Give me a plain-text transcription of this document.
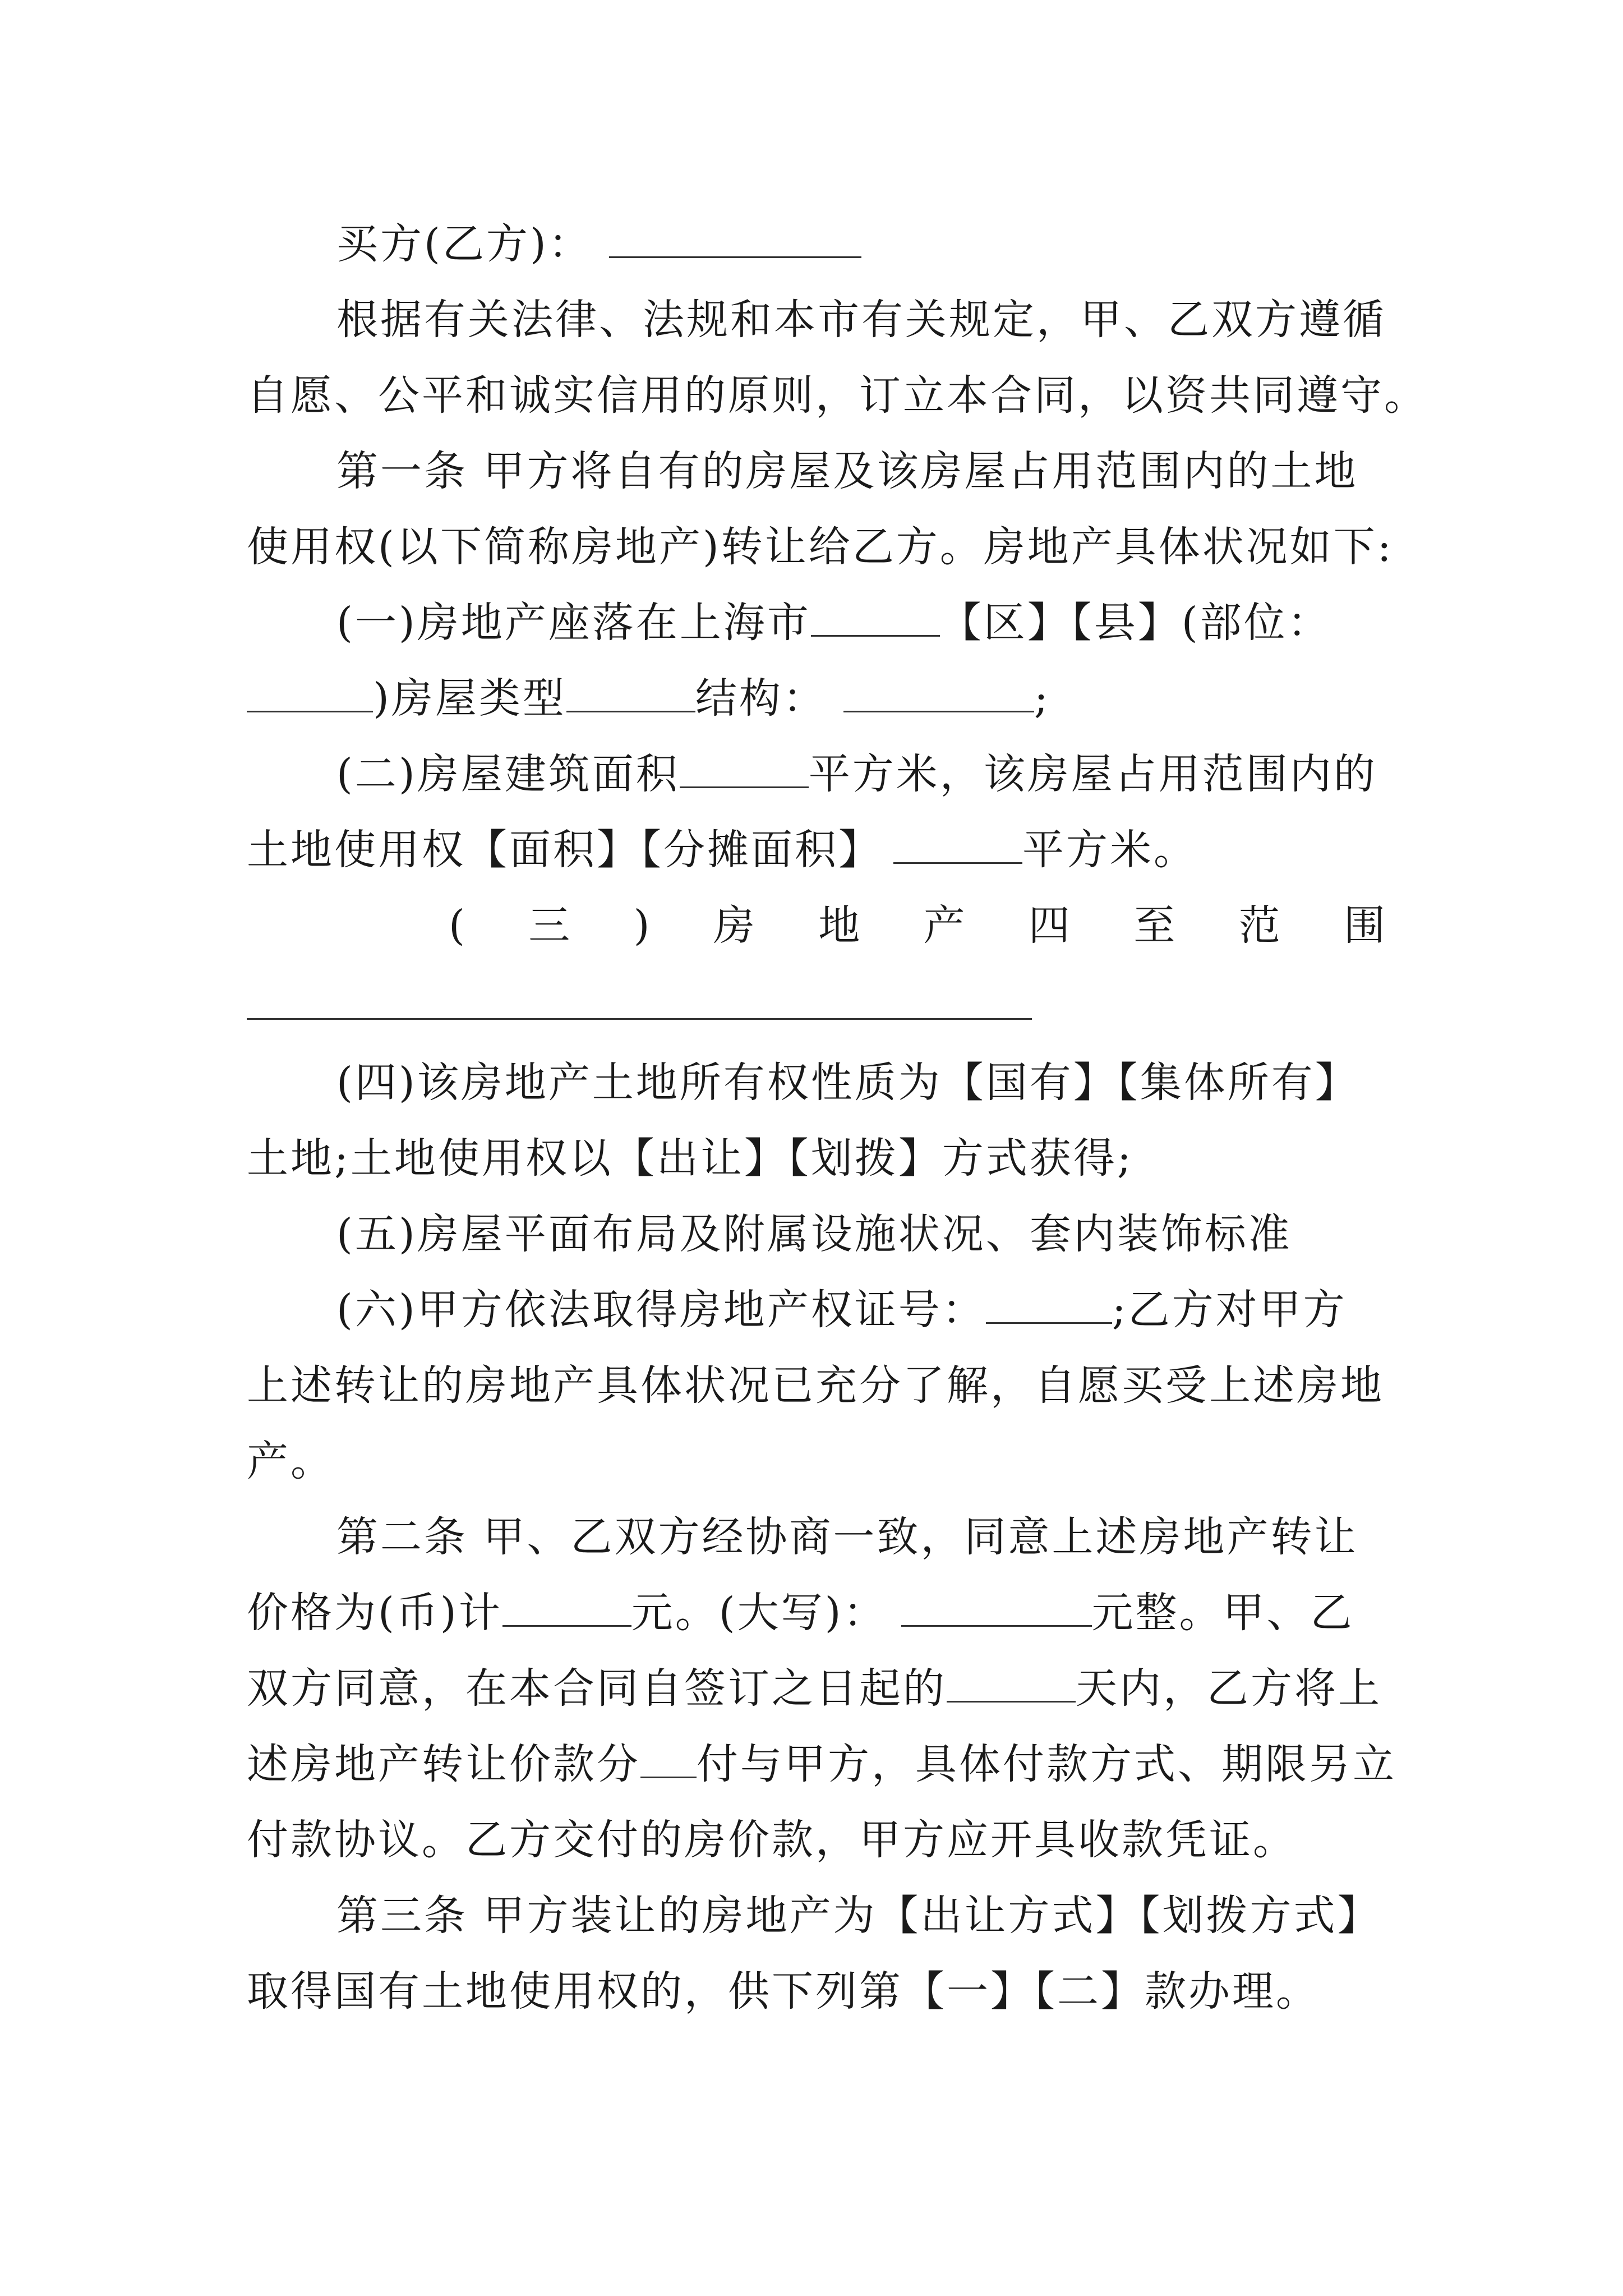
买方(乙方)：
根据有关法律、法规和本市有关规定，甲、乙双方遵循
自愿、公平和诚实信用的原则，订立本合同，以资共同遵守。
第一条 甲方将自有的房屋及该房屋占用范围内的土地
使用权(以下简称房地产)转让给乙方。房地产具体状况如下:
(一)房地产座落在上海市	【区】【县】(部位：
)房屋类型	结构：	;
(二)房屋建筑面积	平方米，该房屋占用范围内的
土地使用权【面积】【分摊面积】	平方米。
( 三 ) 房 地 产 四 至 范 围
(四)该房地产土地所有权性质为【国有】【集体所有】
土地;土地使用权以【出让】【划拨】方式获得;
(五)房屋平面布局及附属设施状况、套内装饰标准
(六)甲方依法取得房地产权证号：	;乙方对甲方
上述转让的房地产具体状况已充分了解，自愿买受上述房地
产。
第二条 甲、乙双方经协商一致，同意上述房地产转让
价格为(币)计	元。(大写)：	元整。甲、乙
双方同意，在本合同自签订之日起的	天内，乙方将上
述房地产转让价款分 付与甲方，具体付款方式、期限另立
付款协议。乙方交付的房价款，甲方应开具收款凭证。
第三条 甲方装让的房地产为【出让方式】【划拨方式】
取得国有土地使用权的，供下列第【一】【二】款办理。
